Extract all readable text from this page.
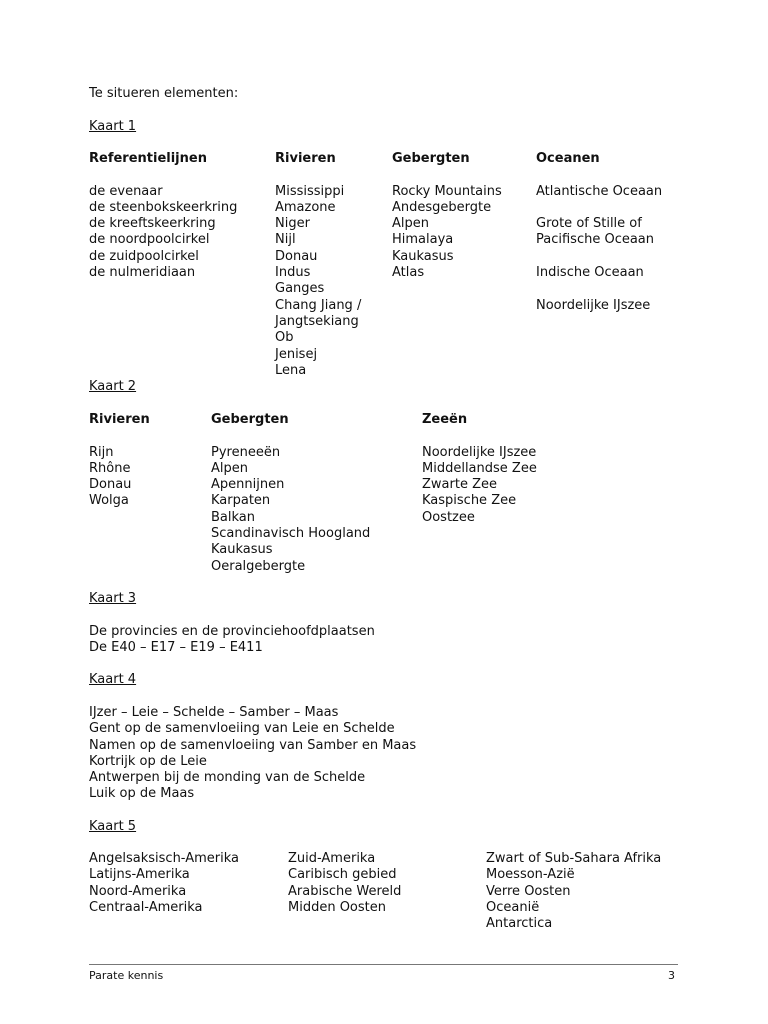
Te situeren elementen:
Kaart 1
Referentielijnen
de evenaar
de steenbokskeerkring
de kreeftskeerkring
de noordpoolcirkel
de zuidpoolcirkel
de nulmeridiaan
Rivieren
Mississippi
Amazone
Niger
Nijl
Donau
Indus
Ganges
Chang Jiang /
Jangtsekiang
Ob
Jenisej
Lena
Gebergten
Rocky Mountains
Andesgebergte
Alpen
Himalaya
Kaukasus
Atlas
Oceanen
Atlantische Oceaan
Grote of Stille of
Pacifische Oceaan
Indische Oceaan
Noordelijke IJszee
Kaart 2
Rivieren
Rijn
Rhône
Donau
Wolga
Gebergten
Pyreneeën
Alpen
Apennijnen
Karpaten
Balkan
Scandinavisch Hoogland
Kaukasus
Oeralgebergte
Zeeën
Noordelijke IJszee
Middellandse Zee
Zwarte Zee
Kaspische Zee
Oostzee
Kaart 3
De provincies en de provinciehoofdplaatsen
De E40 – E17 – E19 – E411
Kaart 4
IJzer – Leie – Schelde – Samber – Maas
Gent op de samenvloeiing van Leie en Schelde
Namen op de samenvloeiing van Samber en Maas
Kortrijk op de Leie
Antwerpen bij de monding van de Schelde
Luik op de Maas
Kaart 5
Angelsaksisch-Amerika
Latijns-Amerika
Noord-Amerika
Centraal-Amerika
Zuid-Amerika
Caribisch gebied
Arabische Wereld
Midden Oosten
Zwart of Sub-Sahara Afrika
Moesson-Azië
Verre Oosten
Oceanië
Antarctica
Parate kennis	3
